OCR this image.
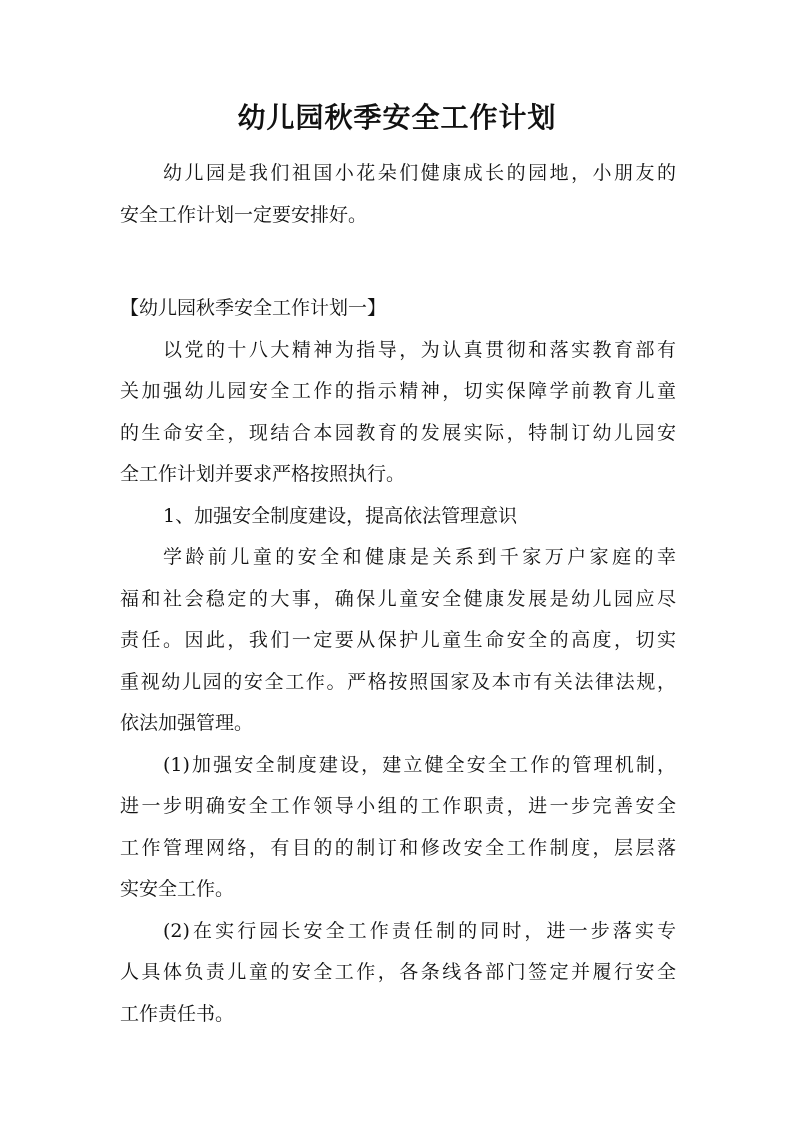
幼儿园秋季安全工作计划
幼儿园是我们祖国小花朵们健康成长的园地，小朋友的
安全工作计划一定要安排好。
【幼儿园秋季安全工作计划一】
以党的十八大精神为指导，为认真贯彻和落实教育部有
关加强幼儿园安全工作的指示精神，切实保障学前教育儿童
的生命安全，现结合本园教育的发展实际，特制订幼儿园安
全工作计划并要求严格按照执行。
1、加强安全制度建设，提高依法管理意识
学龄前儿童的安全和健康是关系到千家万户家庭的幸
福和社会稳定的大事，确保儿童安全健康发展是幼儿园应尽
责任。因此，我们一定要从保护儿童生命安全的高度，切实
重视幼儿园的安全工作。严格按照国家及本市有关法律法规，
依法加强管理。
(1)加强安全制度建设，建立健全安全工作的管理机制，
进一步明确安全工作领导小组的工作职责，进一步完善安全
工作管理网络，有目的的制订和修改安全工作制度，层层落
实安全工作。
(2)在实行园长安全工作责任制的同时，进一步落实专
人具体负责儿童的安全工作，各条线各部门签定并履行安全
工作责任书。
